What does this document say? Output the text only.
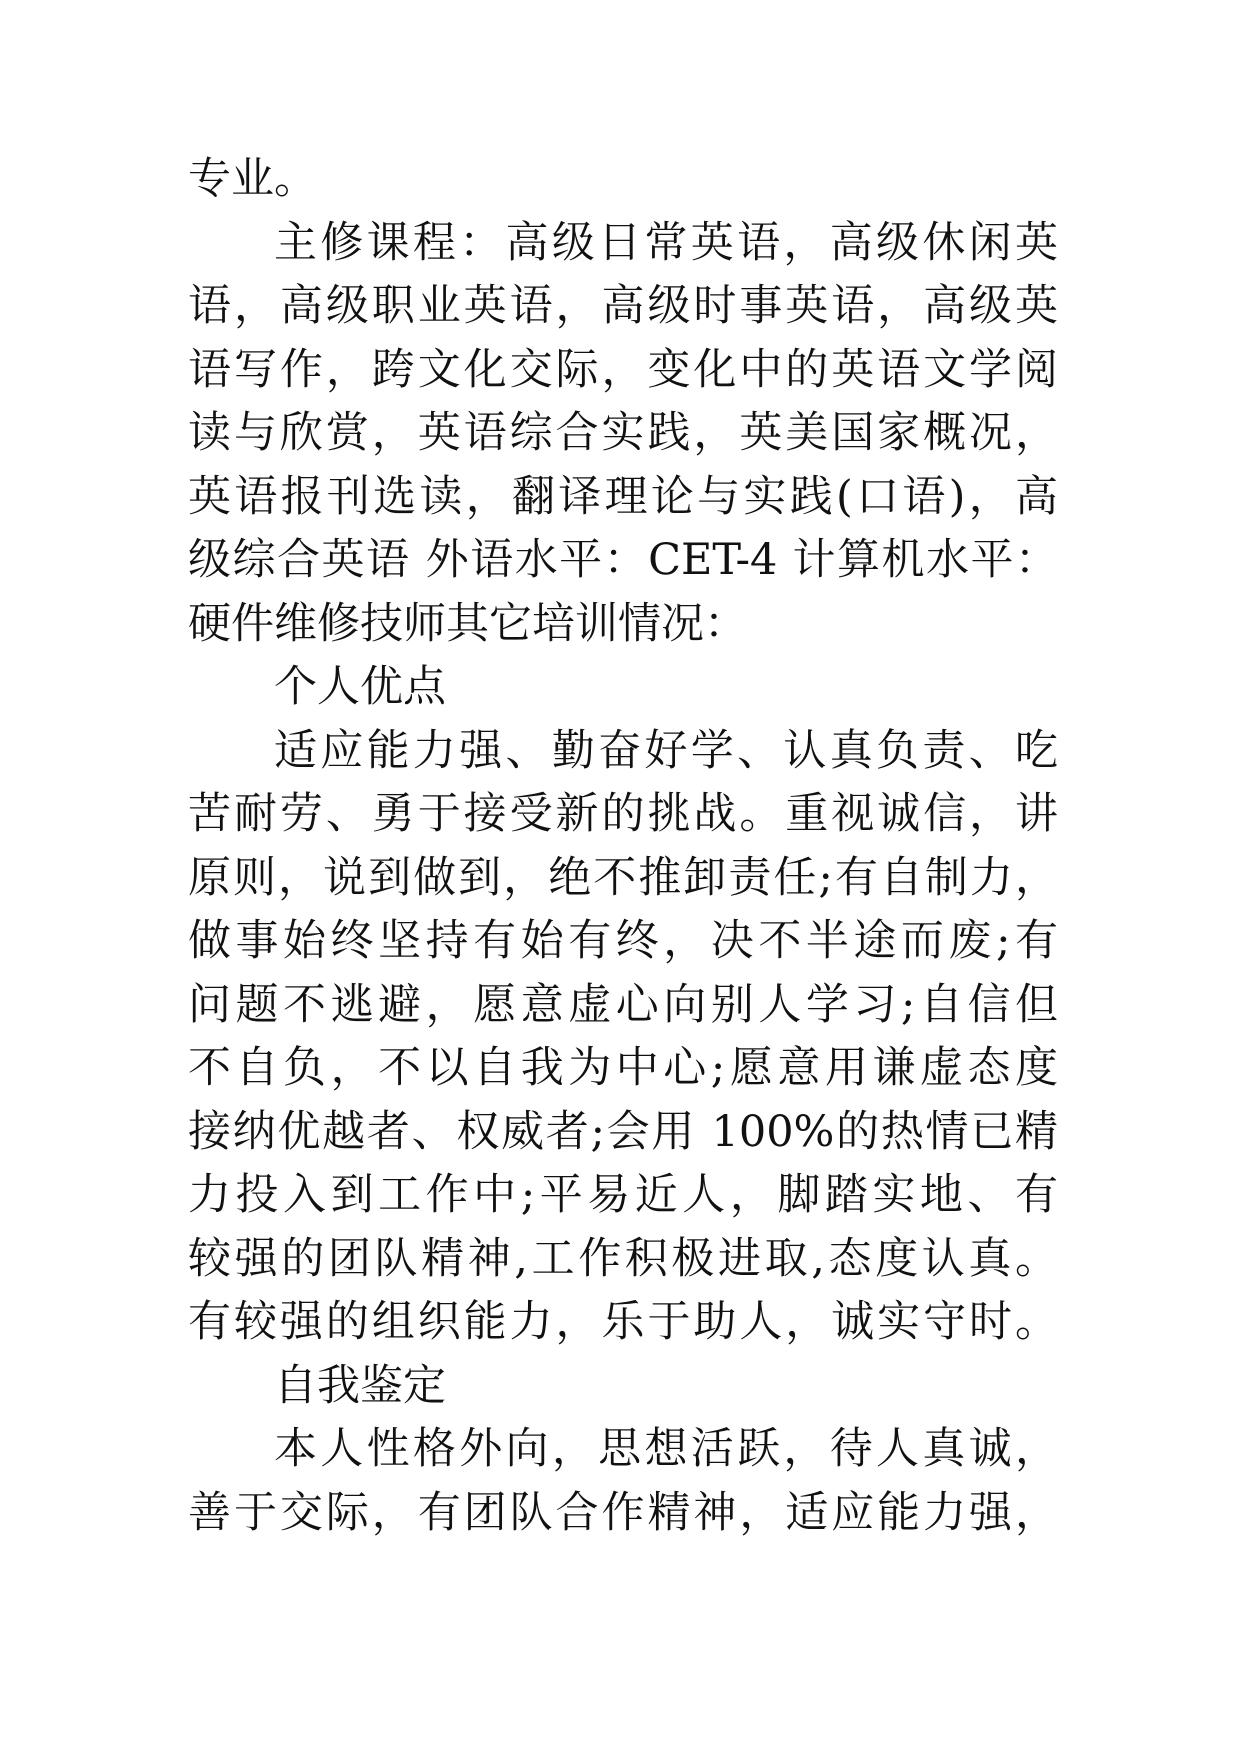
专业。
主修课程：高级日常英语，高级休闲英
语，高级职业英语，高级时事英语，高级英
语写作，跨文化交际，变化中的英语文学阅
读与欣赏，英语综合实践，英美国家概况，
英语报刊选读，翻译理论与实践(口语)，高
级综合英语 外语水平：CET-4 计算机水平：
硬件维修技师其它培训情况：
个人优点
适应能力强、勤奋好学、认真负责、吃
苦耐劳、勇于接受新的挑战。重视诚信，讲
原则，说到做到，绝不推卸责任;有自制力，
做事始终坚持有始有终，决不半途而废;有
问题不逃避，愿意虚心向别人学习;自信但
不自负，不以自我为中心;愿意用谦虚态度
接纳优越者、权威者;会用 100%的热情已精
力投入到工作中;平易近人，脚踏实地、有
较强的团队精神,工作积极进取,态度认真。
有较强的组织能力，乐于助人，诚实守时。
自我鉴定
本人性格外向，思想活跃，待人真诚，
善于交际，有团队合作精神，适应能力强，
